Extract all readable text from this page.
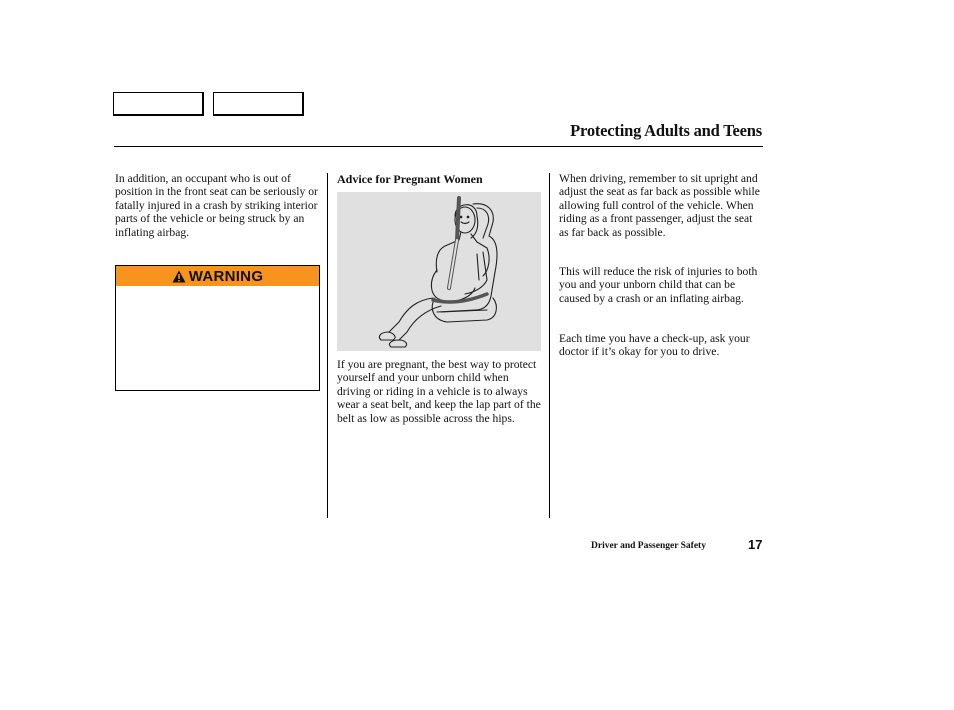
Protecting Adults and Teens

In addition, an occupant who is out of position in the front seat can be seriously or fatally injured in a crash by striking interior parts of the vehicle or being struck by an inflating airbag.

WARNING
Advice for Pregnant Women

If you are pregnant, the best way to protect yourself and your unborn child when driving or riding in a vehicle is to always wear a seat belt, and keep the lap part of the belt as low as possible across the hips.

When driving, remember to sit upright and adjust the seat as far back as possible while allowing full control of the vehicle. When riding as a front passenger, adjust the seat as far back as possible.

This will reduce the risk of injuries to both you and your unborn child that can be caused by a crash or an inflating airbag.

Each time you have a check-up, ask your doctor if it’s okay for you to drive.

Driver and Passenger Safety	17
